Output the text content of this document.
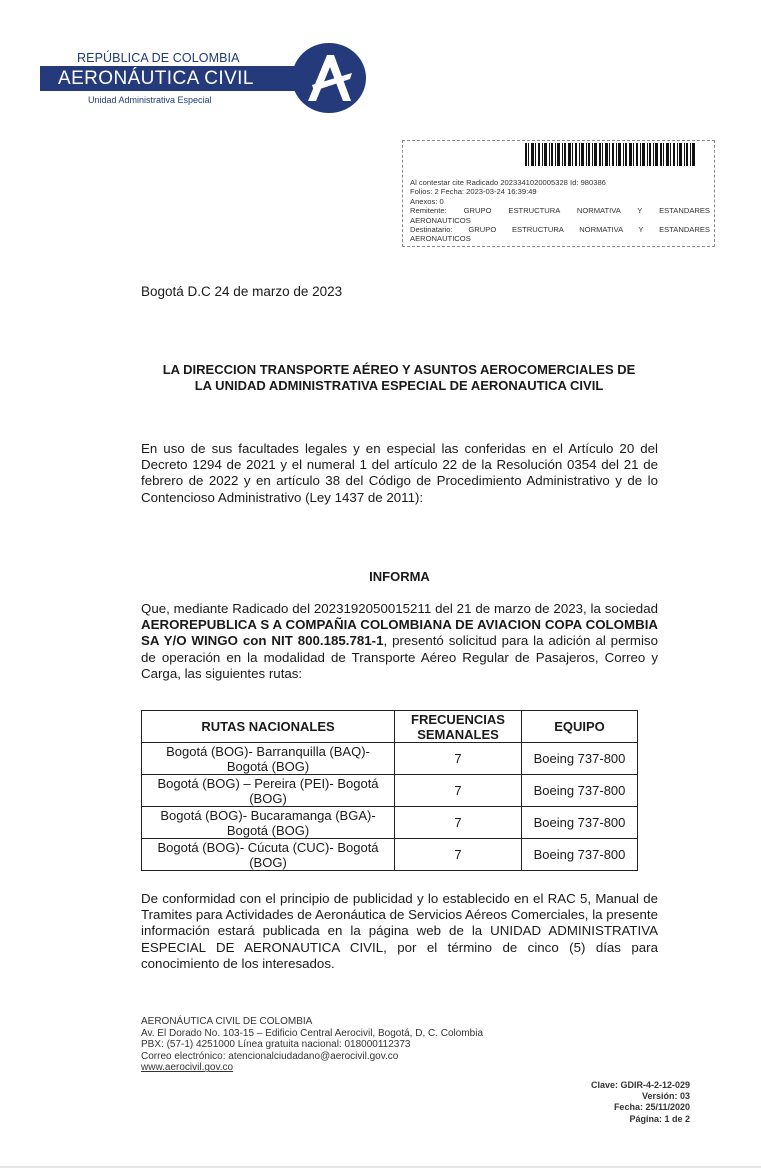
REPÚBLICA DE COLOMBIA
AERONÁUTICA CIVIL
Unidad Administrativa Especial
Al contestar cite Radicado 2023341020005328 Id: 980386
Folios: 2 Fecha: 2023-03-24 16:39:49
Anexos: 0
Remitente: GRUPO ESTRUCTURA NORMATIVA Y ESTANDARES
AERONAUTICOS
Destinatario: GRUPO ESTRUCTURA NORMATIVA Y ESTANDARES
AERONAUTICOS
Bogotá D.C 24 de marzo de 2023
LA DIRECCION TRANSPORTE AÉREO Y ASUNTOS AEROCOMERCIALES DE
LA UNIDAD ADMINISTRATIVA ESPECIAL DE AERONAUTICA CIVIL
En uso de sus facultades legales y en especial las conferidas en el Artículo 20 del Decreto 1294 de 2021 y el numeral 1 del artículo 22 de la Resolución 0354 del 21 de febrero de 2022 y en artículo 38 del Código de Procedimiento Administrativo y de lo Contencioso Administrativo (Ley 1437 de 2011):
INFORMA
Que, mediante Radicado del 2023192050015211 del 21 de marzo de 2023, la sociedad AEROREPUBLICA S A COMPAÑIA COLOMBIANA DE AVIACION COPA COLOMBIA SA Y/O WINGO con NIT 800.185.781-1, presentó solicitud para la adición al permiso de operación en la modalidad de Transporte Aéreo Regular de Pasajeros, Correo y Carga, las siguientes rutas:
RUTAS NACIONALES	FRECUENCIAS SEMANALES	EQUIPO
Bogotá (BOG)- Barranquilla (BAQ)- Bogotá (BOG)	7	Boeing 737-800
Bogotá (BOG) – Pereira (PEI)- Bogotá (BOG)	7	Boeing 737-800
Bogotá (BOG)- Bucaramanga (BGA)- Bogotá (BOG)	7	Boeing 737-800
Bogotá (BOG)- Cúcuta (CUC)- Bogotá (BOG)	7	Boeing 737-800
De conformidad con el principio de publicidad y lo establecido en el RAC 5, Manual de Tramites para Actividades de Aeronáutica de Servicios Aéreos Comerciales, la presente información estará publicada en la página web de la UNIDAD ADMINISTRATIVA ESPECIAL DE AERONAUTICA CIVIL, por el término de cinco (5) días para conocimiento de los interesados.
AERONÁUTICA CIVIL DE COLOMBIA
Av. El Dorado No. 103-15 – Edificio Central Aerocivil, Bogotá, D, C. Colombia
PBX: (57-1) 4251000 Línea gratuita nacional: 018000112373
Correo electrónico: atencionalciudadano@aerocivil.gov.co
www.aerocivil.gov.co
Clave: GDIR-4-2-12-029
Versión: 03
Fecha: 25/11/2020
Página: 1 de 2
